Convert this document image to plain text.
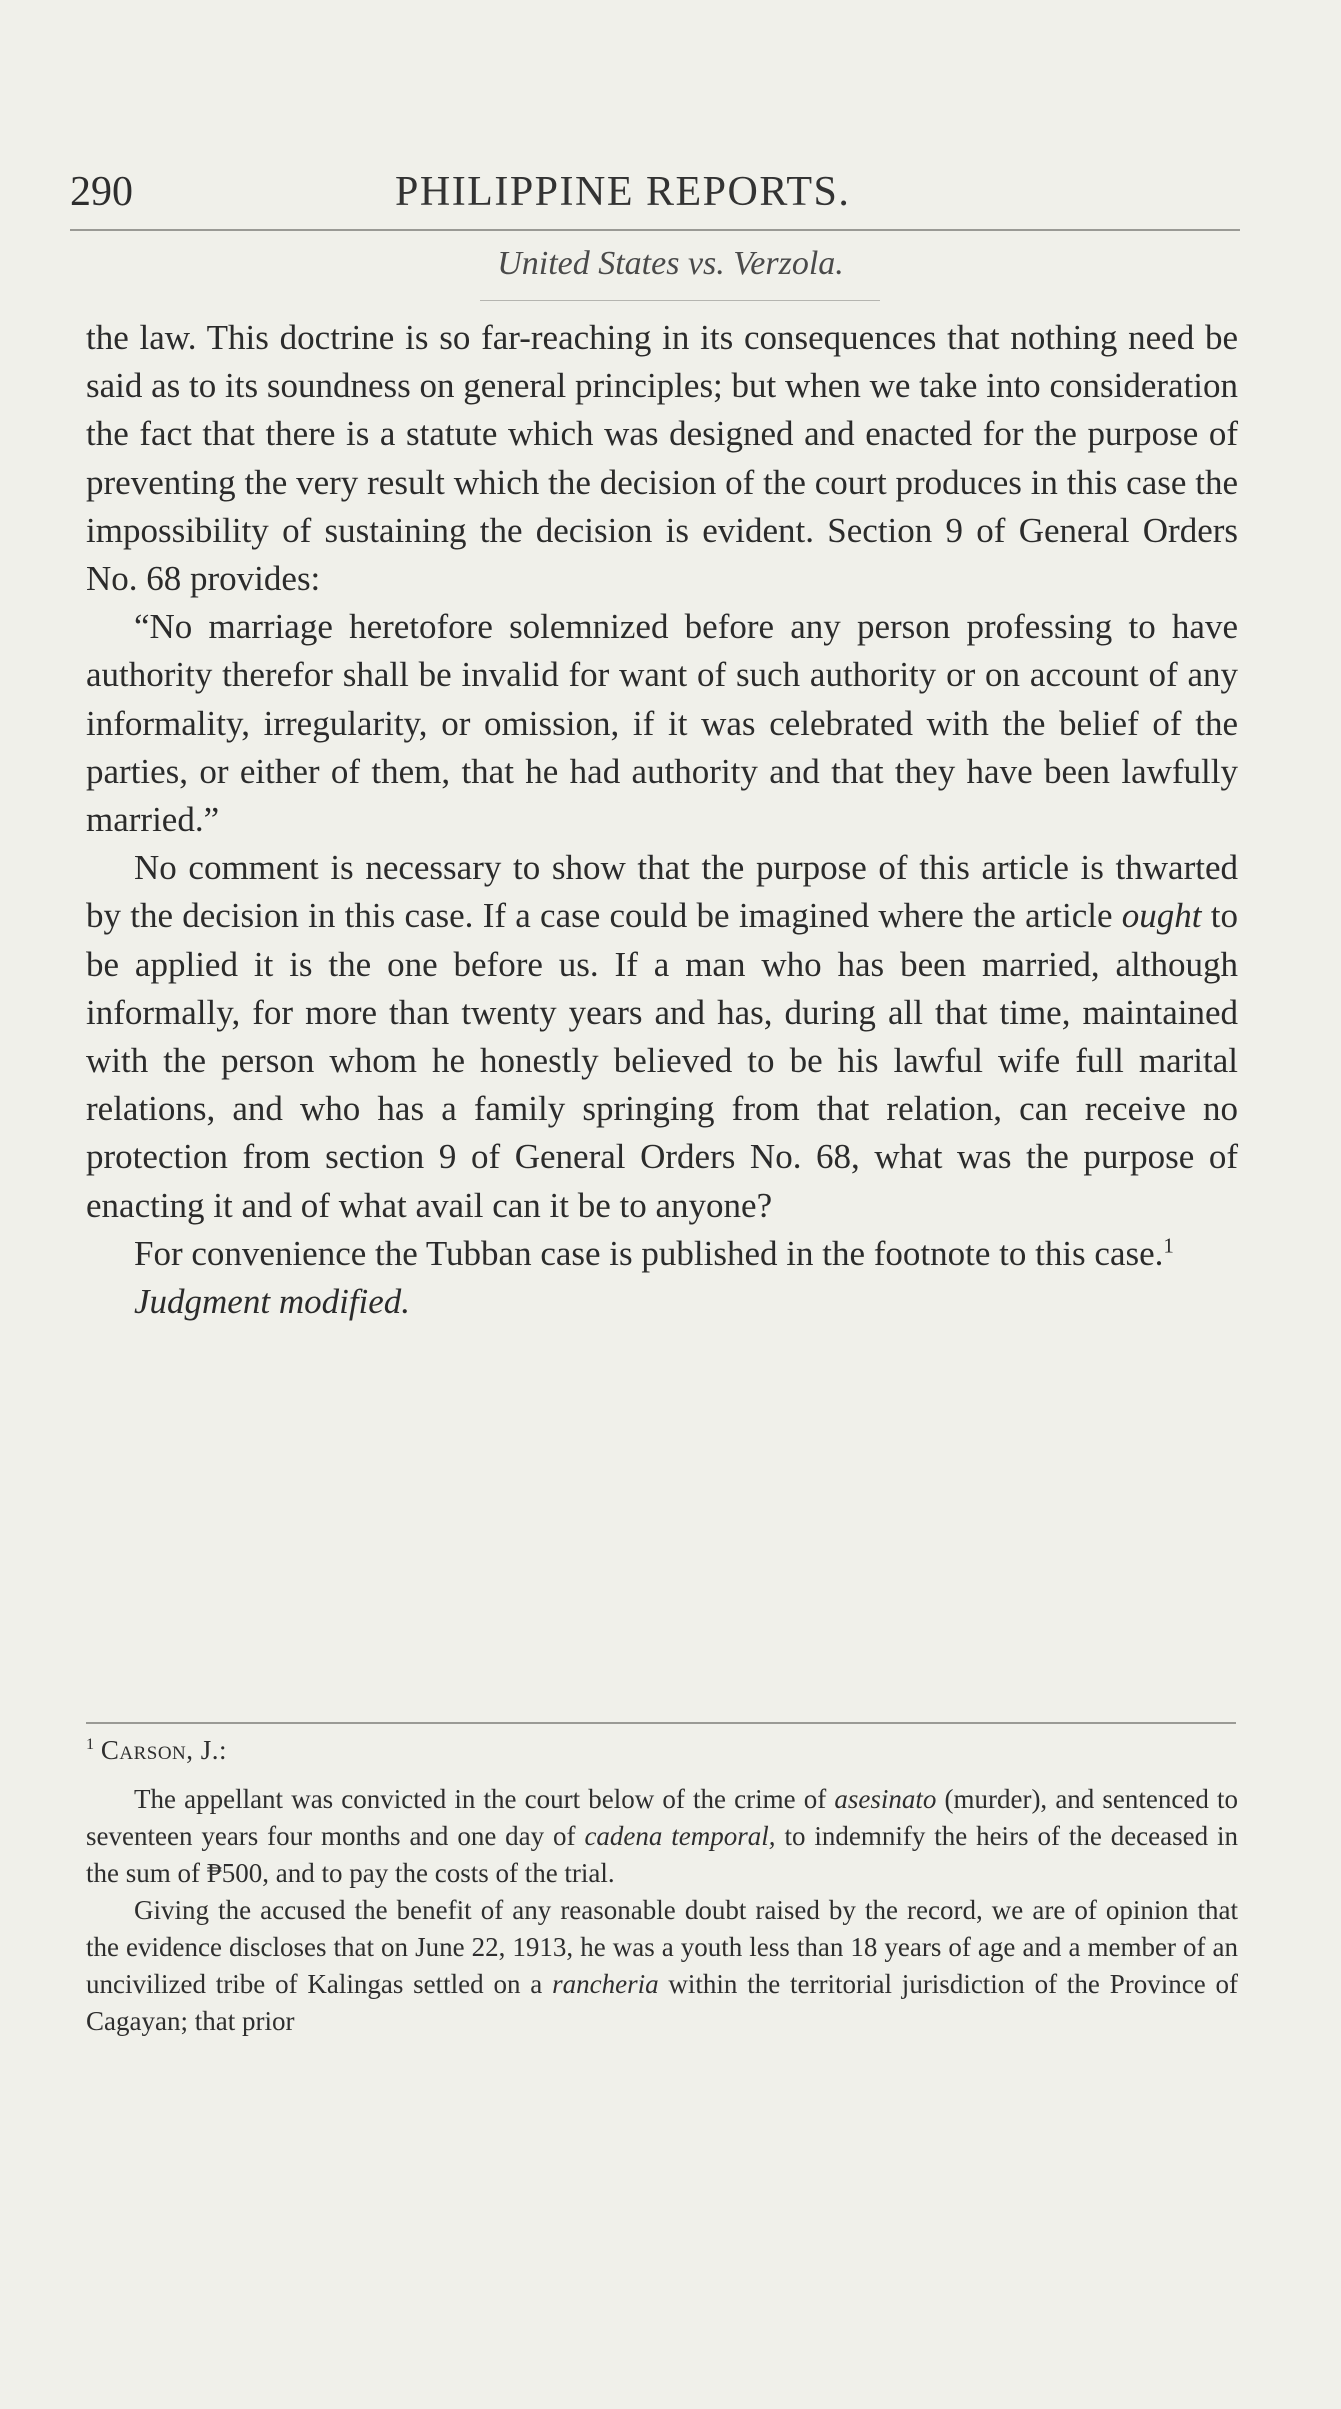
290	PHILIPPINE REPORTS.
United States vs. Verzola.

the law. This doctrine is so far-reaching in its consequences that nothing need be said as to its soundness on general principles; but when we take into consideration the fact that there is a statute which was designed and enacted for the purpose of preventing the very result which the decision of the court produces in this case the impossibility of sustaining the decision is evident. Section 9 of General Orders No. 68 provides:

“No marriage heretofore solemnized before any person professing to have authority therefor shall be invalid for want of such authority or on account of any informality, irregularity, or omission, if it was celebrated with the belief of the parties, or either of them, that he had authority and that they have been lawfully married.”

No comment is necessary to show that the purpose of this article is thwarted by the decision in this case. If a case could be imagined where the article ought to be applied it is the one before us. If a man who has been married, although informally, for more than twenty years and has, during all that time, maintained with the person whom he honestly believed to be his lawful wife full marital relations, and who has a family springing from that relation, can receive no protection from section 9 of General Orders No. 68, what was the purpose of enacting it and of what avail can it be to anyone?

For convenience the Tubban case is published in the footnote to this case.$^1$

Judgment modified.

$^1$ Carson, J.:

The appellant was convicted in the court below of the crime of asesinato (murder), and sentenced to seventeen years four months and one day of cadena temporal, to indemnify the heirs of the deceased in the sum of ₱500, and to pay the costs of the trial.

Giving the accused the benefit of any reasonable doubt raised by the record, we are of opinion that the evidence discloses that on June 22, 1913, he was a youth less than 18 years of age and a member of an uncivilized tribe of Kalingas settled on a rancheria within the territorial jurisdiction of the Province of Cagayan; that prior
